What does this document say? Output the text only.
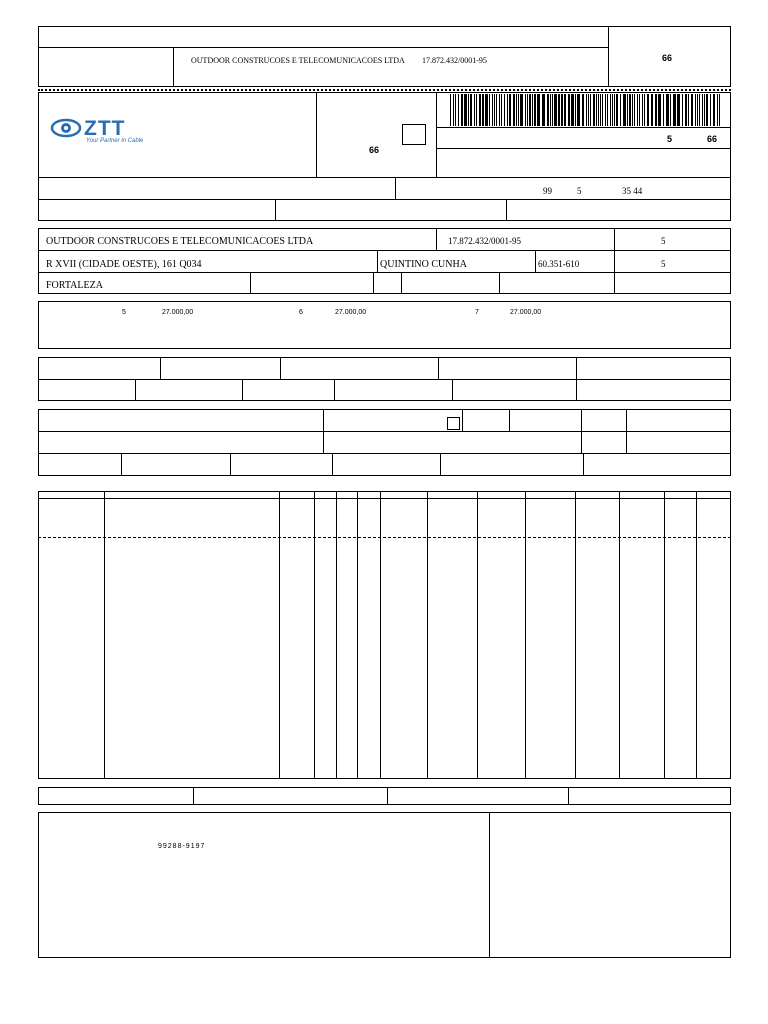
OUTDOOR CONSTRUCOES E TELECOMUNICACOES LTDA 17.872.432/0001-95	66
ZTT
Your Partner in Cable
66
5	66
99	5	35 44
OUTDOOR CONSTRUCOES E TELECOMUNICACOES LTDA	17.872.432/0001-95	5
R XVII (CIDADE OESTE), 161 Q034	QUINTINO CUNHA	60.351-610	5
FORTALEZA
5	27.000,00	6	27.000,00	7	27.000,00
99288-9197
